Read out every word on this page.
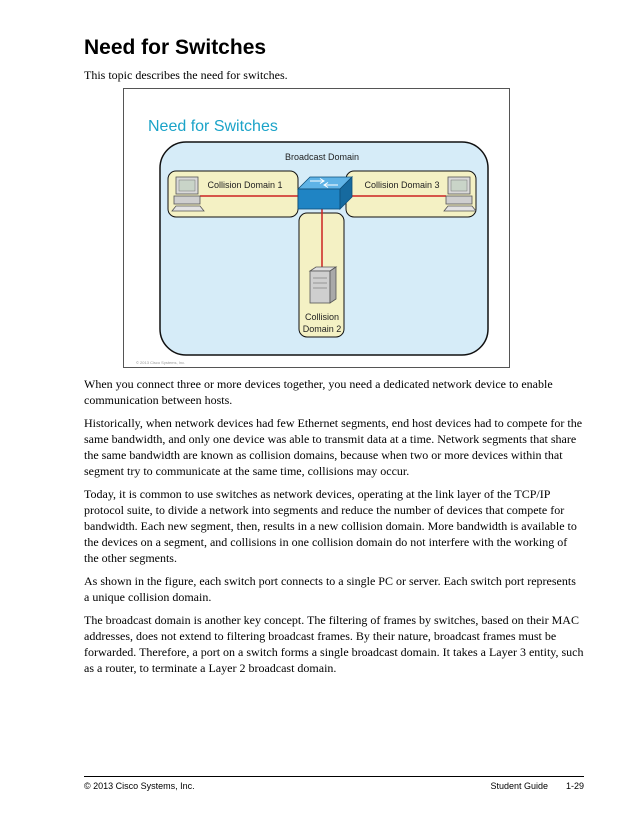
Need for Switches

This topic describes the need for switches.

Need for Switches
Broadcast Domain
Collision Domain 1	Collision Domain 3
Collision
Domain 2
© 2013 Cisco Systems, Inc.

When you connect three or more devices together, you need a dedicated network device to enable communication between hosts.

Historically, when network devices had few Ethernet segments, end host devices had to compete for the same bandwidth, and only one device was able to transmit data at a time. Network segments that share the same bandwidth are known as collision domains, because when two or more devices within that segment try to communicate at the same time, collisions may occur.

Today, it is common to use switches as network devices, operating at the link layer of the TCP/IP protocol suite, to divide a network into segments and reduce the number of devices that compete for bandwidth. Each new segment, then, results in a new collision domain. More bandwidth is available to the devices on a segment, and collisions in one collision domain do not interfere with the working of the other segments.

As shown in the figure, each switch port connects to a single PC or server. Each switch port represents a unique collision domain.

The broadcast domain is another key concept. The filtering of frames by switches, based on their MAC addresses, does not extend to filtering broadcast frames. By their nature, broadcast frames must be forwarded. Therefore, a port on a switch forms a single broadcast domain. It takes a Layer 3 entity, such as a router, to terminate a Layer 2 broadcast domain.

© 2013 Cisco Systems, Inc.	Student Guide 1-29
